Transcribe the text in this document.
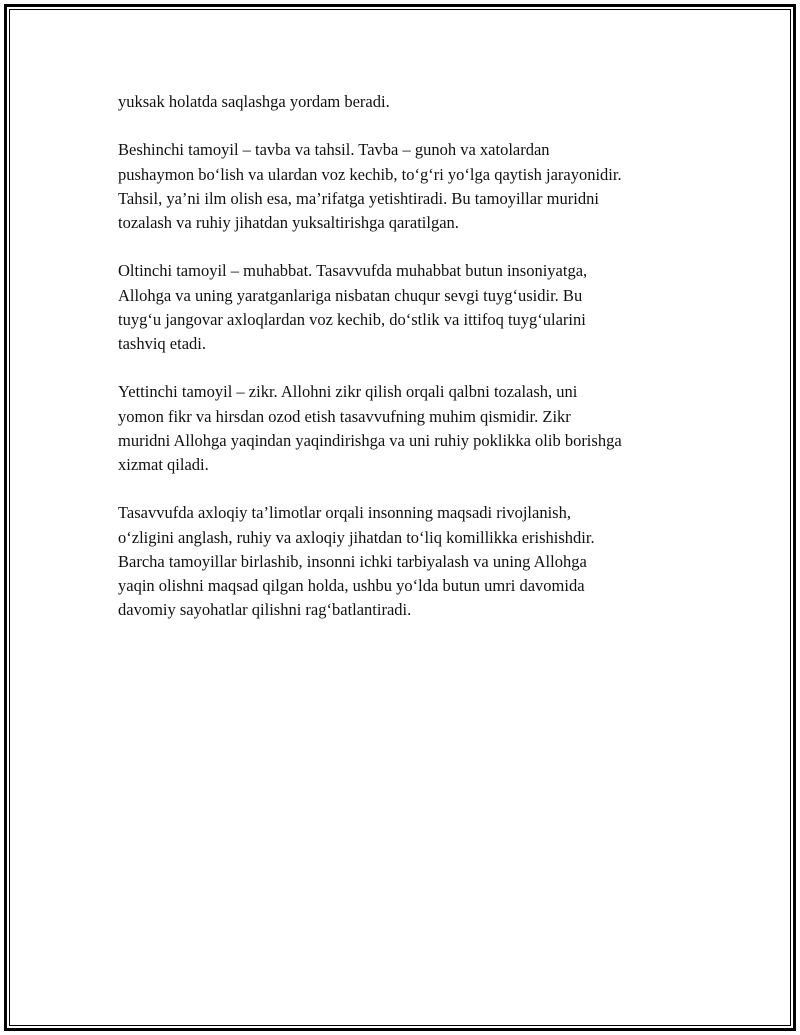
yuksak holatda saqlashga yordam beradi.

Beshinchi tamoyil – tavba va tahsil. Tavba – gunoh va xatolardan
pushaymon bo‘lish va ulardan voz kechib, to‘g‘ri yo‘lga qaytish jarayonidir.
Tahsil, ya’ni ilm olish esa, ma’rifatga yetishtiradi. Bu tamoyillar muridni
tozalash va ruhiy jihatdan yuksaltirishga qaratilgan.

Oltinchi tamoyil – muhabbat. Tasavvufda muhabbat butun insoniyatga,
Allohga va uning yaratganlariga nisbatan chuqur sevgi tuyg‘usidir. Bu
tuyg‘u jangovar axloqlardan voz kechib, do‘stlik va ittifoq tuyg‘ularini
tashviq etadi.

Yettinchi tamoyil – zikr. Allohni zikr qilish orqali qalbni tozalash, uni
yomon fikr va hirsdan ozod etish tasavvufning muhim qismidir. Zikr
muridni Allohga yaqindan yaqindirishga va uni ruhiy poklikka olib borishga
xizmat qiladi.

Tasavvufda axloqiy ta’limotlar orqali insonning maqsadi rivojlanish,
o‘zligini anglash, ruhiy va axloqiy jihatdan to‘liq komillikka erishishdir.
Barcha tamoyillar birlashib, insonni ichki tarbiyalash va uning Allohga
yaqin olishni maqsad qilgan holda, ushbu yo‘lda butun umri davomida
davomiy sayohatlar qilishni rag‘batlantiradi.
